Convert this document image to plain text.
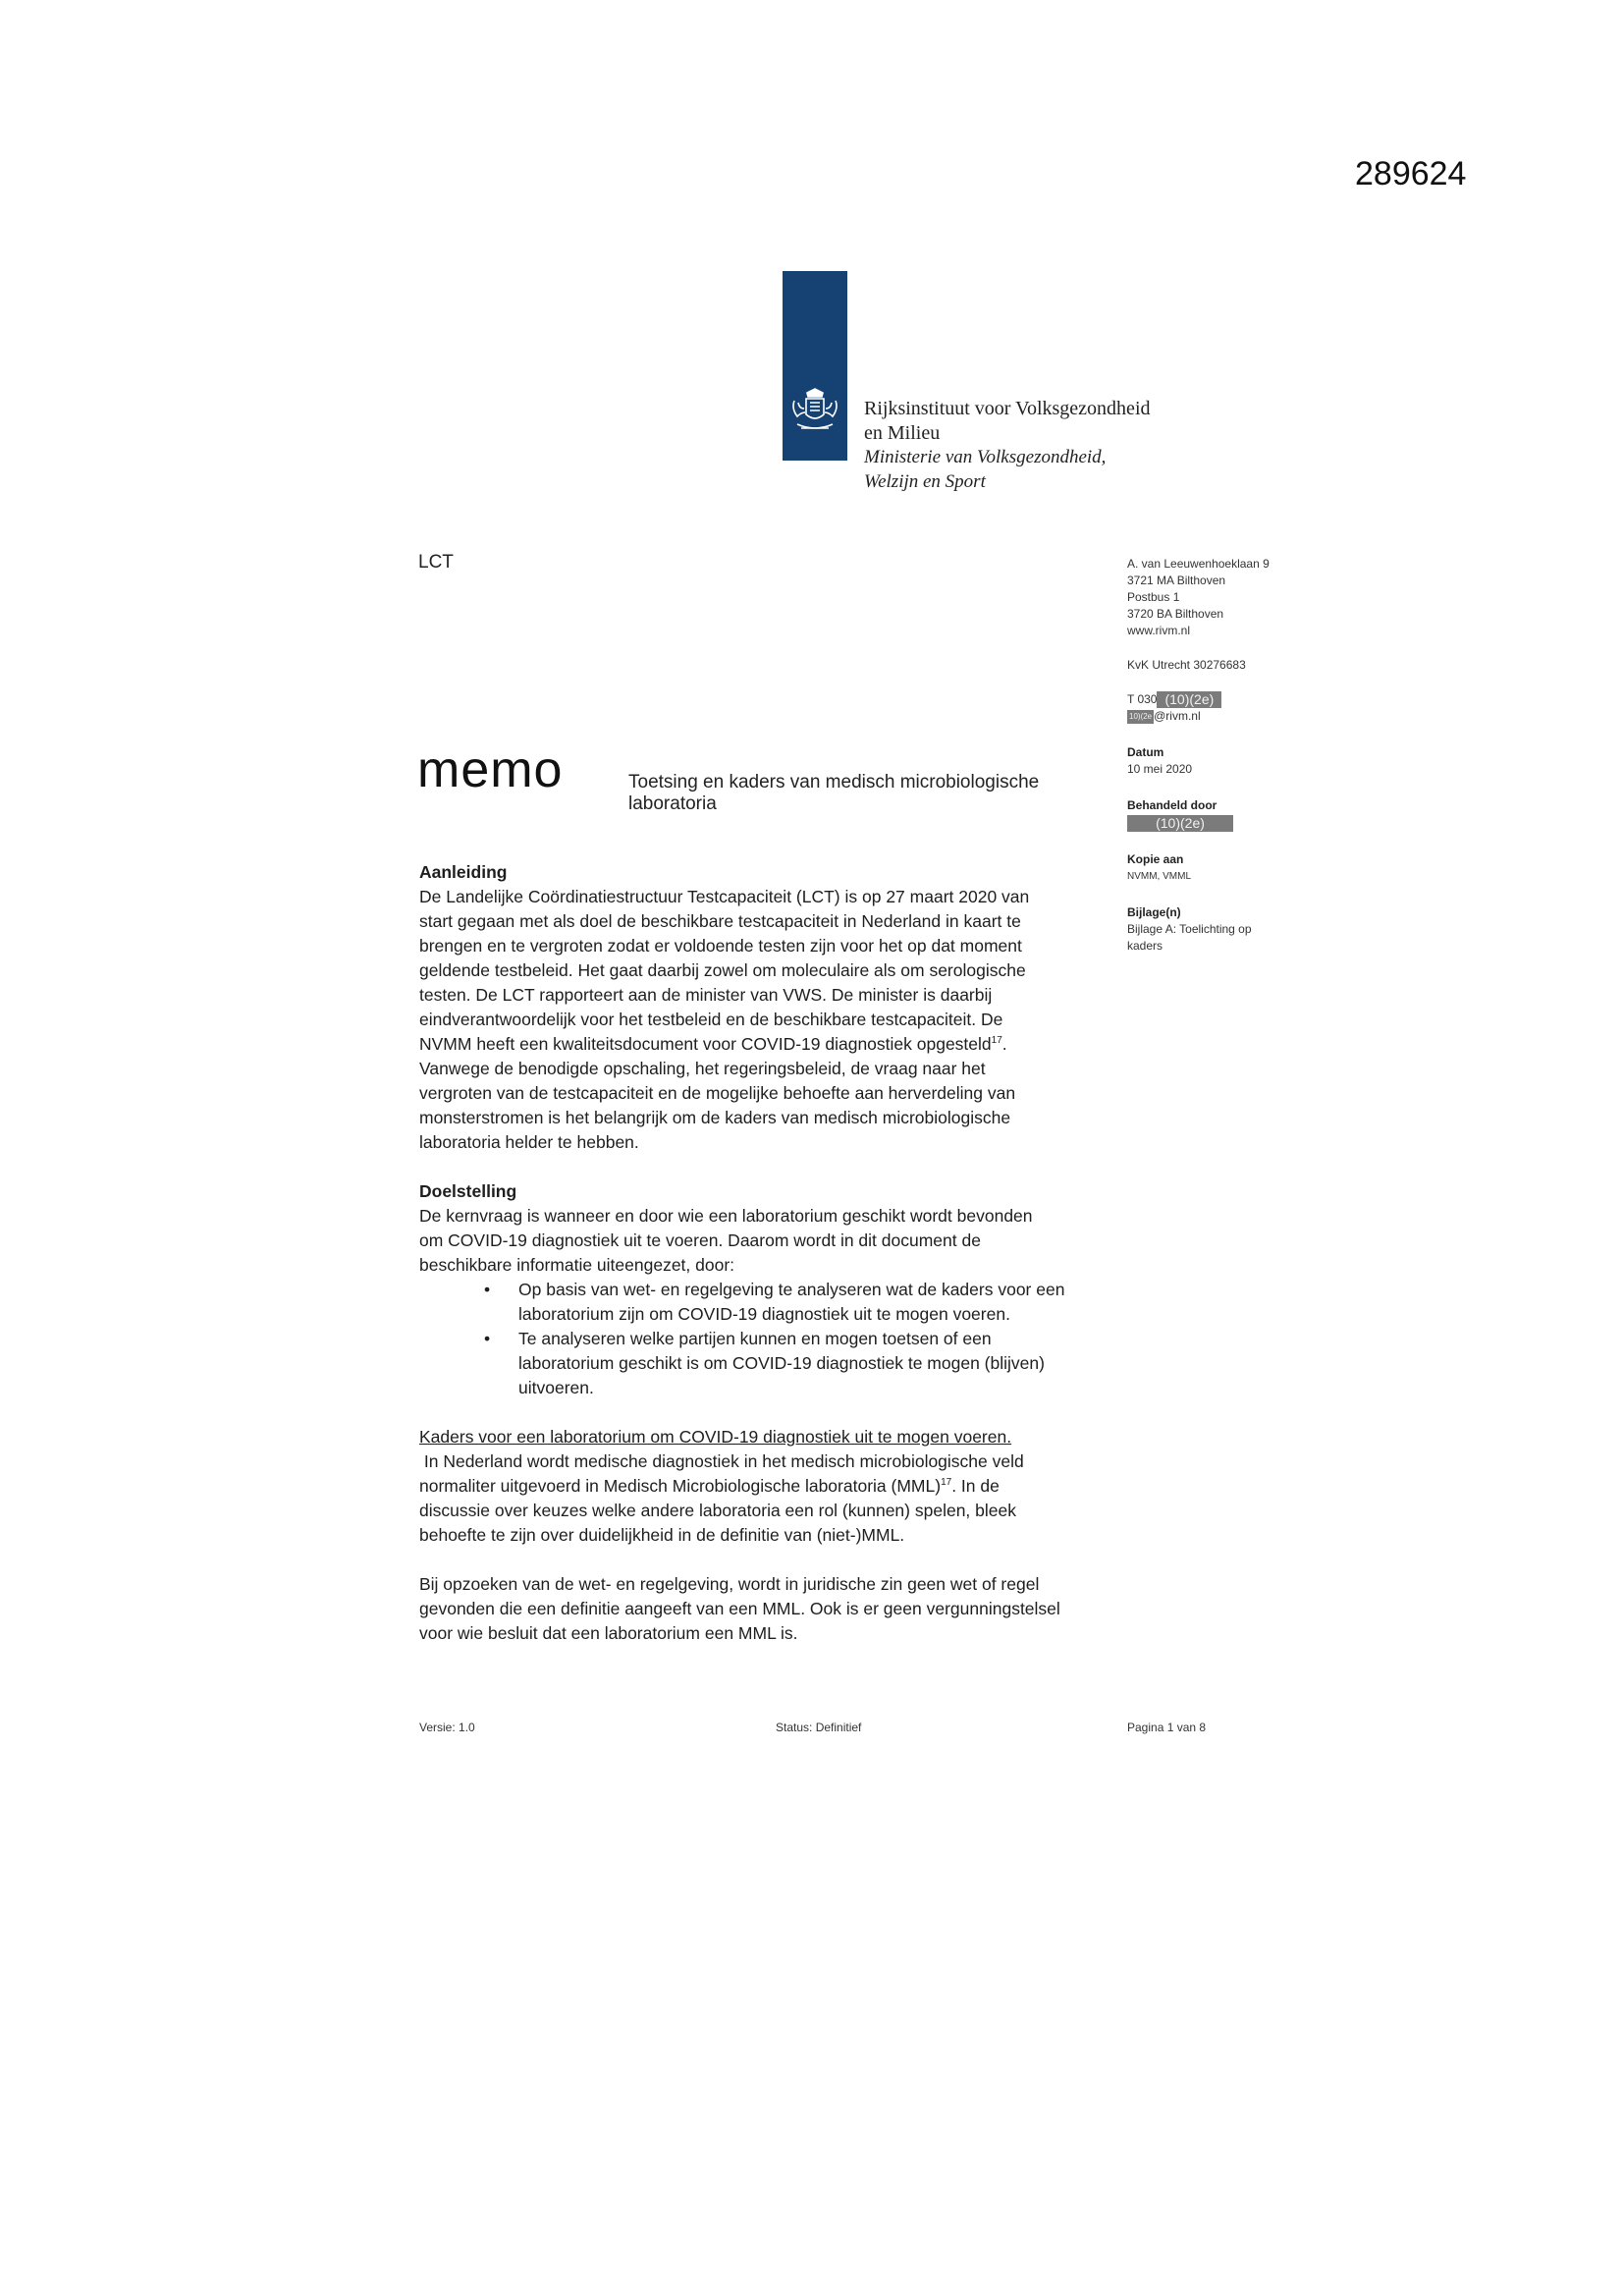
289624
Rijksinstituut voor Volksgezondheid
en Milieu
Ministerie van Volksgezondheid,
Welzijn en Sport
LCT	A. van Leeuwenhoeklaan 9
3721 MA Bilthoven
Postbus 1
3720 BA Bilthoven
www.rivm.nl
KvK Utrecht 30276683
T 030 (10)(2e)
10)(2e @rivm.nl
Datum
10 mei 2020
Behandeld door
(10)(2e)
Kopie aan
NVMM, VMML
Bijlage(n)
Bijlage A: Toelichting op
kaders
memo	Toetsing en kaders van medisch microbiologische
laboratoria
Aanleiding
De Landelijke Coördinatiestructuur Testcapaciteit (LCT) is op 27 maart 2020 van
start gegaan met als doel de beschikbare testcapaciteit in Nederland in kaart te
brengen en te vergroten zodat er voldoende testen zijn voor het op dat moment
geldende testbeleid. Het gaat daarbij zowel om moleculaire als om serologische
testen. De LCT rapporteert aan de minister van VWS. De minister is daarbij
eindverantwoordelijk voor het testbeleid en de beschikbare testcapaciteit. De
NVMM heeft een kwaliteitsdocument voor COVID-19 diagnostiek opgesteld$^{17}$.
Vanwege de benodigde opschaling, het regeringsbeleid, de vraag naar het
vergroten van de testcapaciteit en de mogelijke behoefte aan herverdeling van
monsterstromen is het belangrijk om de kaders van medisch microbiologische
laboratoria helder te hebben.
Doelstelling
De kernvraag is wanneer en door wie een laboratorium geschikt wordt bevonden
om COVID-19 diagnostiek uit te voeren. Daarom wordt in dit document de
beschikbare informatie uiteengezet, door:
• Op basis van wet- en regelgeving te analyseren wat de kaders voor een
laboratorium zijn om COVID-19 diagnostiek uit te mogen voeren.
• Te analyseren welke partijen kunnen en mogen toetsen of een
laboratorium geschikt is om COVID-19 diagnostiek te mogen (blijven)
uitvoeren.
Kaders voor een laboratorium om COVID-19 diagnostiek uit te mogen voeren.
In Nederland wordt medische diagnostiek in het medisch microbiologische veld
normaliter uitgevoerd in Medisch Microbiologische laboratoria (MML)$^{17}$. In de
discussie over keuzes welke andere laboratoria een rol (kunnen) spelen, bleek
behoefte te zijn over duidelijkheid in de definitie van (niet-)MML.
Bij opzoeken van de wet- en regelgeving, wordt in juridische zin geen wet of regel
gevonden die een definitie aangeeft van een MML. Ook is er geen vergunningstelsel
voor wie besluit dat een laboratorium een MML is.
Versie: 1.0	Status: Definitief	Pagina 1 van 8
